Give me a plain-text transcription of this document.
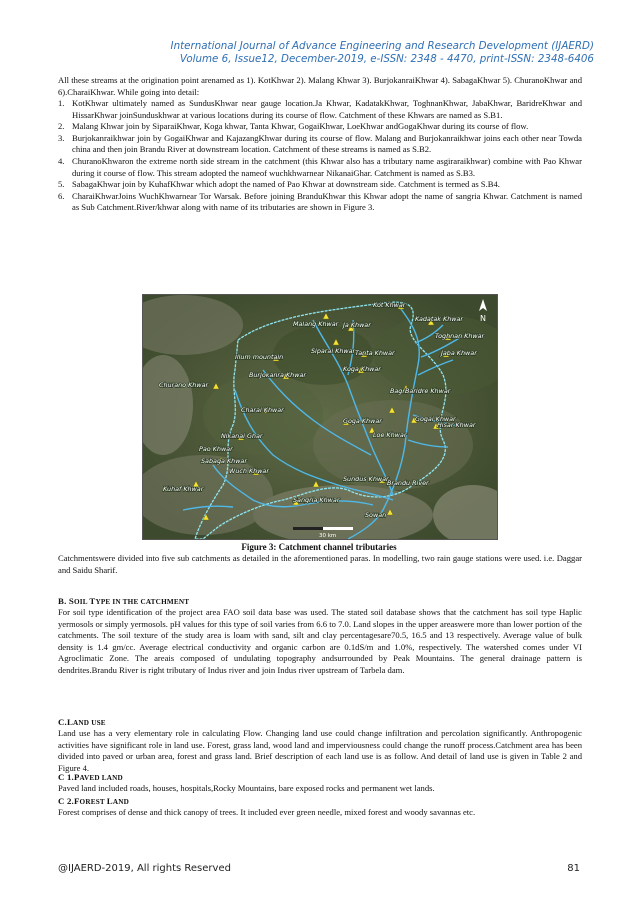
International Journal of Advance Engineering and Research Development (IJAERD)
Volume 6, Issue12, December-2019, e-ISSN: 2348 - 4470, print-ISSN: 2348-6406
All these streams at the origination point arenamed as 1). KotKhwar 2). Malang Khwar 3). BurjokanraiKhwar 4). SabagaKhwar 5). ChuranoKhwar and 6).CharaiKhwar. While going into detail:
1. KotKhwar ultimately named as SundusKhwar near gauge location.Ja Khwar, KadatakKhwar, ToghnanKhwar, JabaKhwar, BaridreKhwar and HissarKhwar joinSunduskhwar at various locations during its course of flow. Catchment of these Khwars are named as S.B1.
2. Malang Khwar join by SiparaiKhwar, Koga khwar, Tanta Khwar, GogaiKhwar, LoeKhwar andGogaKhwar during its course of flow.
3. Burjokanraikhwar join by GogaiKhwar and KajazangKhwar during its course of flow. Malang and Burjokanraikhwar joins each other near Towda china and then join Brandu River at downstream location. Catchment of these streams is named as S.B2.
4. ChuranoKhwaron the extreme north side stream in the catchment (this Khwar also has a tributary name asgiraraikhwar) combine with Pao Khwar during it course of flow. This stream adopted the nameof wuchkhwarnear NikanaiGhar. Catchment is named as S.B3.
5. SabagaKhwar join by KuhafKhwar which adopt the named of Pao Khwar at downstream side. Catchment is termed as S.B4.
6. CharaiKhwarJoins WuchKhwarnear Tor Warsak. Before joining BranduKhwar this Khwar adopt the name of sangria Khwar. Catchment is named as Sub Catchment.River/khwar along with name of its tributaries are shown in Figure 3.
Kot Khwar
Kadatak Khwar
Toghnan Khwar
Jaba Khwar
Malang Khwar Ja Khwar
Siparai Khwar Tanta Khwar
Koga Khwar
Illum mountain
Burjokanra Khwar
Churano Khwar
Bagri
Baridre Khwar
Gogai Khwar
Hisar Khwar
Goga Khwar
Charai Khwar
Loe Khwar
Nikanai Ghar
Pao Khwar
Wuch Khwar
Sabaga Khwar
Kuhaf Khwar
Sundus Khwar
Brandu River
Sangria Khwar
Sowan
N
30 km
Figure 3: Catchment channel tributaries
Catchmentswere divided into five sub catchments as detailed in the aforementioned paras. In modelling, two rain gauge stations were used. i.e. Daggar and Saidu Sharif.
B. SOIL TYPE IN THE CATCHMENT
For soil type identification of the project area FAO soil data base was used. The stated soil database shows that the catchment has soil type Haplic yermosols or simply yermosols. pH values for this type of soil varies from 6.6 to 7.0. Land slopes in the upper areaswere more than lower portion of the catchments. The soil texture of the study area is loam with sand, silt and clay percentagesare70.5, 16.5 and 13 respectively. Average value of bulk density is 1.4 gm/cc. Average electrical conductivity and organic carbon are 0.1dS/m and 1.0%, respectively. The watershed comes under VI Agroclimatic Zone. The areais composed of undulating topography andsurrounded by Peak Mountains. The general drainage pattern is dendrites.Brandu River is right tributary of Indus river and join Indus river upstream of Tarbela dam.
C.LAND USE
Land use has a very elementary role in calculating Flow. Changing land use could change infiltration and percolation significantly. Anthropogenic activities have significant role in land use. Forest, grass land, wood land and imperviousness could change the runoff process.Catchment area has been divided into paved or urban area, forest and grass land. Brief description of each land use is as follow. And detail of land use is given in Table 2 and Figure 4.
C 1.PAVED LAND
Paved land included roads, houses, hospitals,Rocky Mountains, bare exposed rocks and permanent wet lands.
C 2.FOREST LAND
Forest comprises of dense and thick canopy of trees. It included ever green needle, mixed forest and woody savannas etc.
@IJAERD-2019, All rights Reserved	81
